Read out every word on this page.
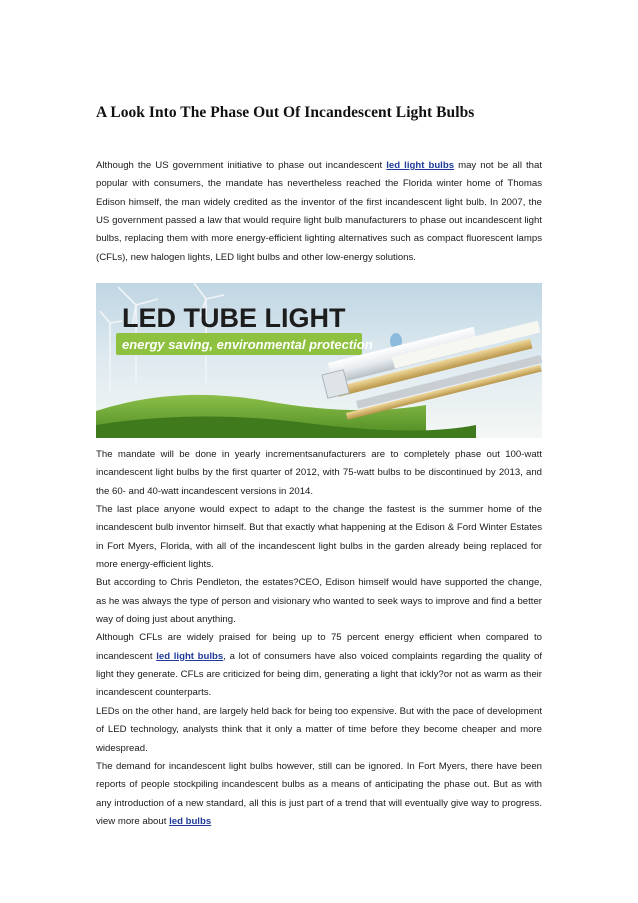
A Look Into The Phase Out Of Incandescent Light Bulbs
Although the US government initiative to phase out incandescent led light bulbs may not be all that popular with consumers, the mandate has nevertheless reached the Florida winter home of Thomas Edison himself, the man widely credited as the inventor of the first incandescent light bulb. In 2007, the US government passed a law that would require light bulb manufacturers to phase out incandescent light bulbs, replacing them with more energy-efficient lighting alternatives such as compact fluorescent lamps (CFLs), new halogen lights, LED light bulbs and other low-energy solutions.
LED TUBE LIGHT
energy saving, environmental protection
The mandate will be done in yearly incrementsanufacturers are to completely phase out 100-watt incandescent light bulbs by the first quarter of 2012, with 75-watt bulbs to be discontinued by 2013, and the 60- and 40-watt incandescent versions in 2014.
The last place anyone would expect to adapt to the change the fastest is the summer home of the incandescent bulb inventor himself. But that exactly what happening at the Edison & Ford Winter Estates in Fort Myers, Florida, with all of the incandescent light bulbs in the garden already being replaced for more energy-efficient lights.
But according to Chris Pendleton, the estates?CEO, Edison himself would have supported the change, as he was always the type of person and visionary who wanted to seek ways to improve and find a better way of doing just about anything.
Although CFLs are widely praised for being up to 75 percent energy efficient when compared to incandescent led light bulbs, a lot of consumers have also voiced complaints regarding the quality of light they generate. CFLs are criticized for being dim, generating a light that ickly?or not as warm as their incandescent counterparts.
LEDs on the other hand, are largely held back for being too expensive. But with the pace of development of LED technology, analysts think that it only a matter of time before they become cheaper and more widespread.
The demand for incandescent light bulbs however, still can be ignored. In Fort Myers, there have been reports of people stockpiling incandescent bulbs as a means of anticipating the phase out. But as with any introduction of a new standard, all this is just part of a trend that will eventually give way to progress. view more about led bulbs
